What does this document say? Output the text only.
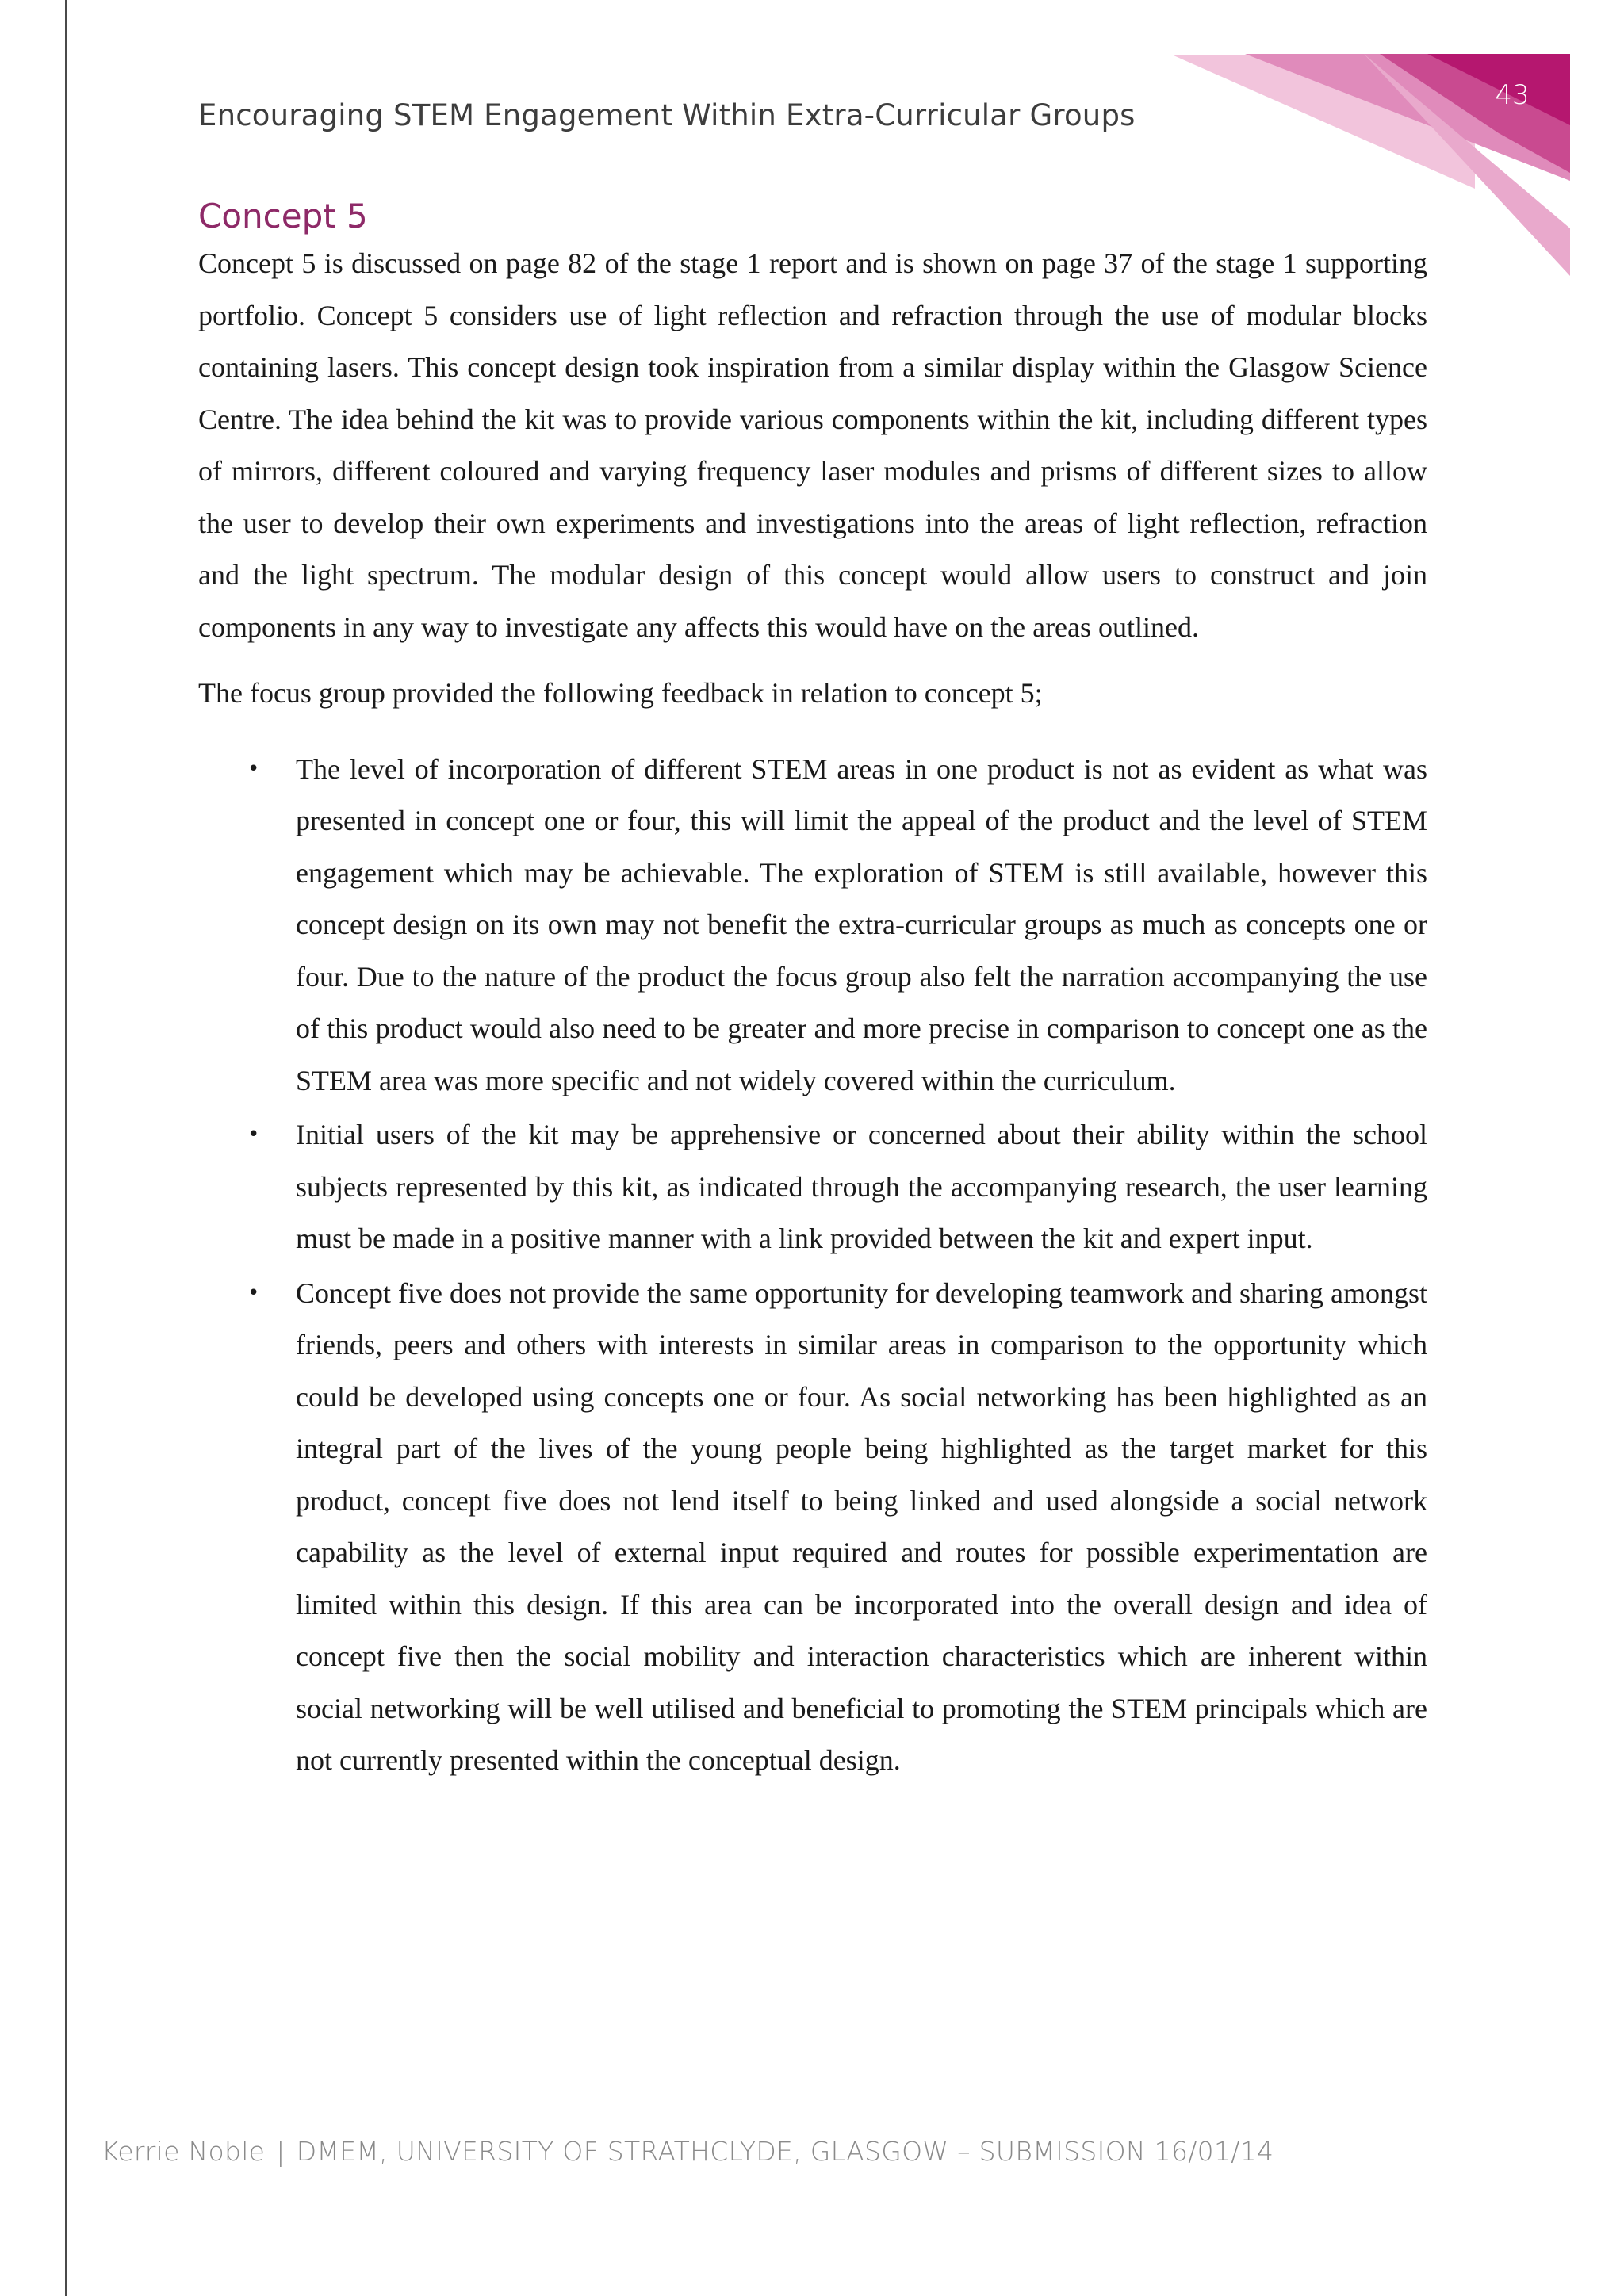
43
Encouraging STEM Engagement Within Extra-Curricular Groups
Concept 5

Concept 5 is discussed on page 82 of the stage 1 report and is shown on page 37 of the stage 1 supporting portfolio. Concept 5 considers use of light reflection and refraction through the use of modular blocks containing lasers. This concept design took inspiration from a similar display within the Glasgow Science Centre. The idea behind the kit was to provide various components within the kit, including different types of mirrors, different coloured and varying frequency laser modules and prisms of different sizes to allow the user to develop their own experiments and investigations into the areas of light reflection, refraction and the light spectrum. The modular design of this concept would allow users to construct and join components in any way to investigate any affects this would have on the areas outlined.

The focus group provided the following feedback in relation to concept 5;

• The level of incorporation of different STEM areas in one product is not as evident as what was presented in concept one or four, this will limit the appeal of the product and the level of STEM engagement which may be achievable. The exploration of STEM is still available, however this concept design on its own may not benefit the extra-curricular groups as much as concepts one or four. Due to the nature of the product the focus group also felt the narration accompanying the use of this product would also need to be greater and more precise in comparison to concept one as the STEM area was more specific and not widely covered within the curriculum.
• Initial users of the kit may be apprehensive or concerned about their ability within the school subjects represented by this kit, as indicated through the accompanying research, the user learning must be made in a positive manner with a link provided between the kit and expert input.
• Concept five does not provide the same opportunity for developing teamwork and sharing amongst friends, peers and others with interests in similar areas in comparison to the opportunity which could be developed using concepts one or four. As social networking has been highlighted as an integral part of the lives of the young people being highlighted as the target market for this product, concept five does not lend itself to being linked and used alongside a social network capability as the level of external input required and routes for possible experimentation are limited within this design. If this area can be incorporated into the overall design and idea of concept five then the social mobility and interaction characteristics which are inherent within social networking will be well utilised and beneficial to promoting the STEM principals which are not currently presented within the conceptual design.
Kerrie Noble | DMEM, UNIVERSITY OF STRATHCLYDE, GLASGOW – SUBMISSION 16/01/14
